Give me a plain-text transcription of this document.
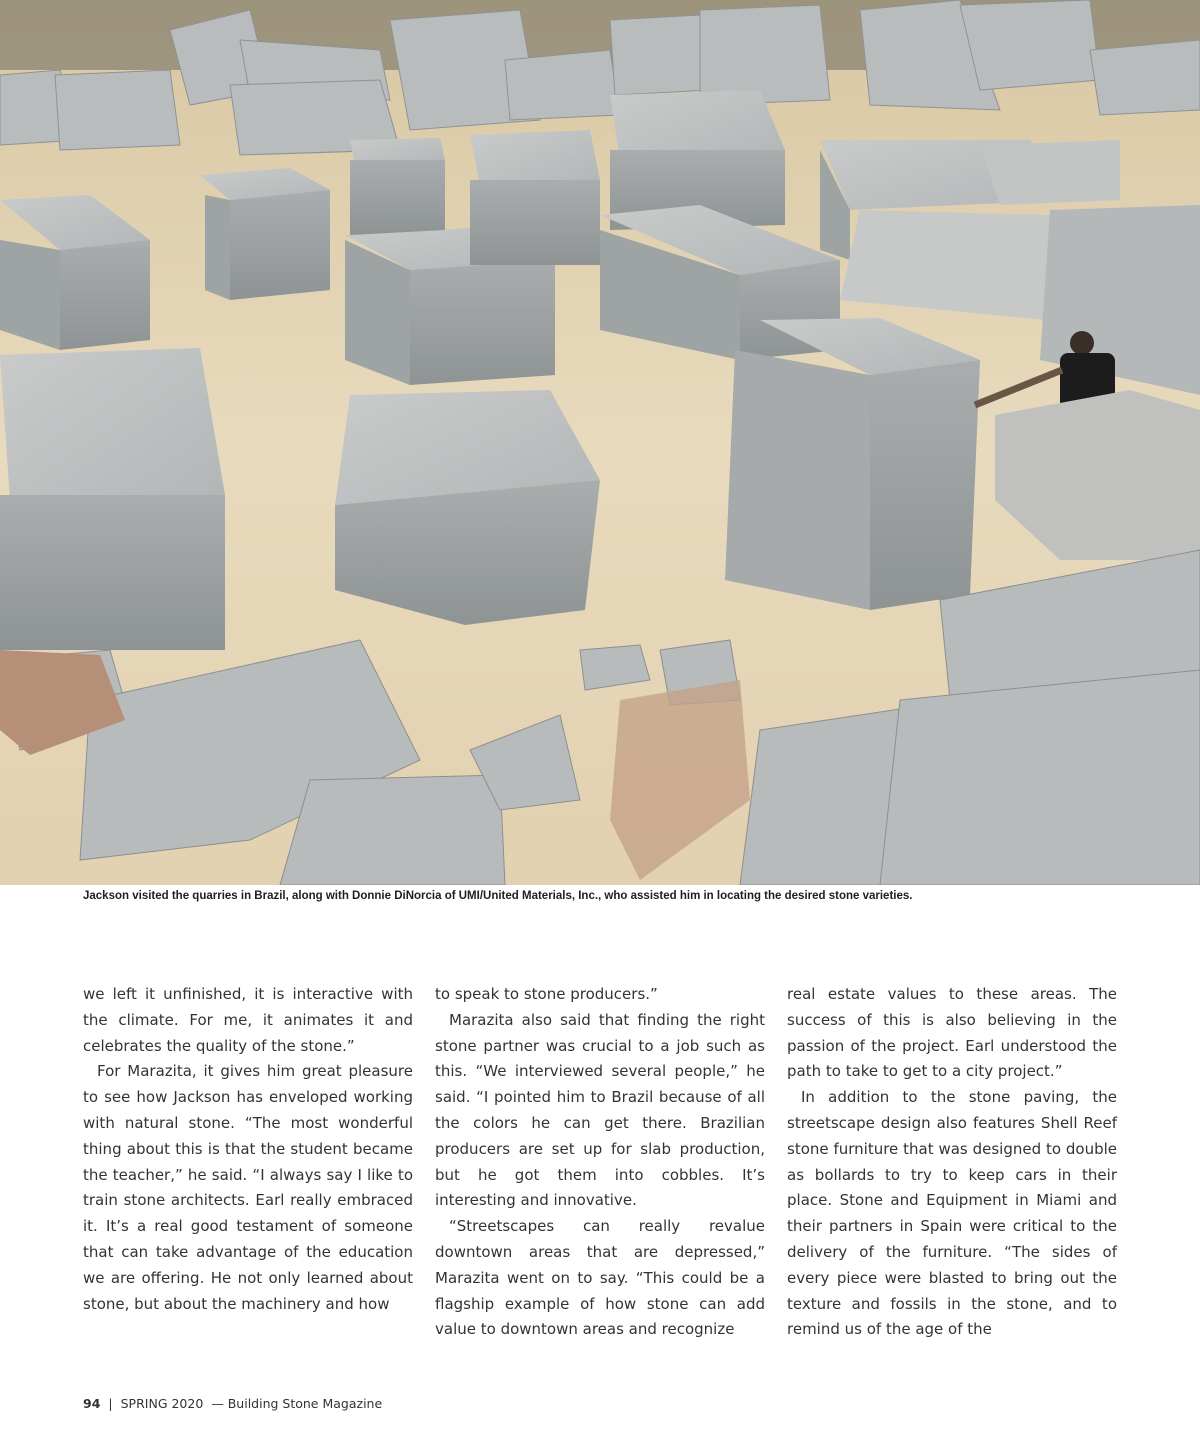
Jackson visited the quarries in Brazil, along with Donnie DiNorcia of UMI/United Materials, Inc., who assisted him in locating the desired stone varieties.

we left it unfinished, it is interactive with the climate. For me, it animates it and celebrates the quality of the stone.”

For Marazita, it gives him great pleasure to see how Jackson has enveloped working with natural stone. “The most wonderful thing about this is that the student became the teacher,” he said. “I always say I like to train stone architects. Earl really embraced it. It’s a real good testament of someone that can take advantage of the education we are offering. He not only learned about stone, but about the machinery and how

to speak to stone producers.”

Marazita also said that finding the right stone partner was crucial to a job such as this. “We interviewed several people,” he said. “I pointed him to Brazil because of all the colors he can get there. Brazilian producers are set up for slab production, but he got them into cobbles. It’s interesting and innovative.

“Streetscapes can really revalue downtown areas that are depressed,” Marazita went on to say. “This could be a flagship example of how stone can add value to downtown areas and recognize

real estate values to these areas. The success of this is also believing in the passion of the project. Earl understood the path to take to get to a city project.”

In addition to the stone paving, the streetscape design also features Shell Reef stone furniture that was designed to double as bollards to try to keep cars in their place. Stone and Equipment in Miami and their partners in Spain were critical to the delivery of the furniture. “The sides of every piece were blasted to bring out the texture and fossils in the stone, and to remind us of the age of the

94 | SPRING 2020 — Building Stone Magazine
